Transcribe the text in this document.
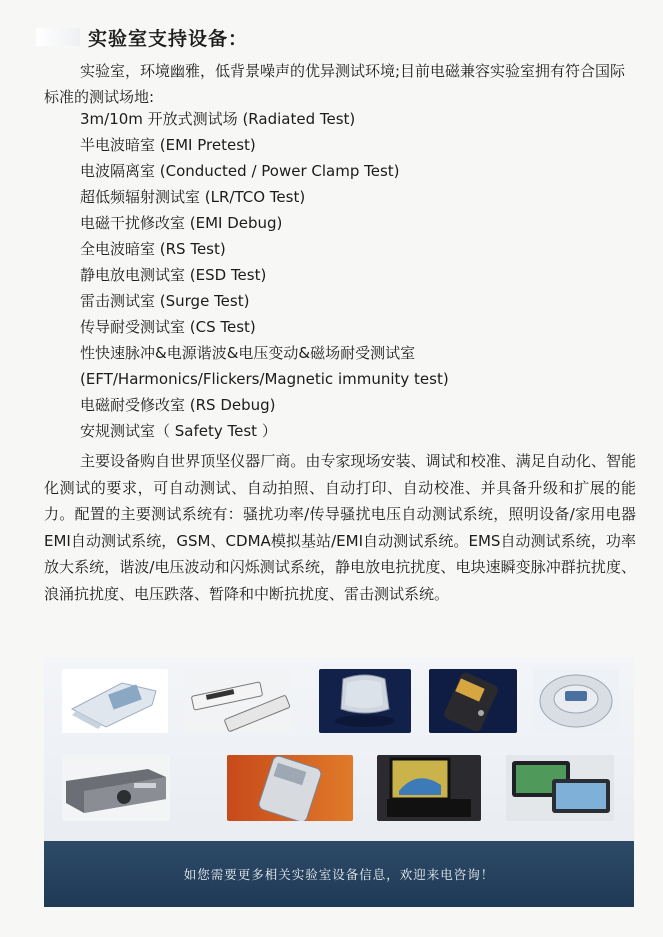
实验室支持设备：

实验室，环境幽雅，低背景噪声的优异测试环境;目前电磁兼容实验室拥有符合国际标准的测试场地:

3m/10m 开放式测试场 (Radiated Test)
半电波暗室 (EMI Pretest)
电波隔离室 (Conducted / Power Clamp Test)
超低频辐射测试室 (LR/TCO Test)
电磁干扰修改室 (EMI Debug)
全电波暗室 (RS Test)
静电放电测试室 (ESD Test)
雷击测试室 (Surge Test)
传导耐受测试室 (CS Test)
性快速脉冲&电源谐波&电压变动&磁场耐受测试室
(EFT/Harmonics/Flickers/Magnetic immunity test)
电磁耐受修改室 (RS Debug)
安规测试室（ Safety Test ）

主要设备购自世界顶坚仪器厂商。由专家现场安装、调试和校准、满足自动化、智能化测试的要求，可自动测试、自动拍照、自动打印、自动校准、并具备升级和扩展的能力。配置的主要测试系统有：骚扰功率/传导骚扰电压自动测试系统，照明设备/家用电器EMI自动测试系统，GSM、CDMA模拟基站/EMI自动测试系统。EMS自动测试系统，功率放大系统，谐波/电压波动和闪烁测试系统，静电放电抗扰度、电块速瞬变脉冲群抗扰度、浪涌抗扰度、电压跌落、暂降和中断抗扰度、雷击测试系统。

如您需要更多相关实验室设备信息，欢迎来电咨询！
